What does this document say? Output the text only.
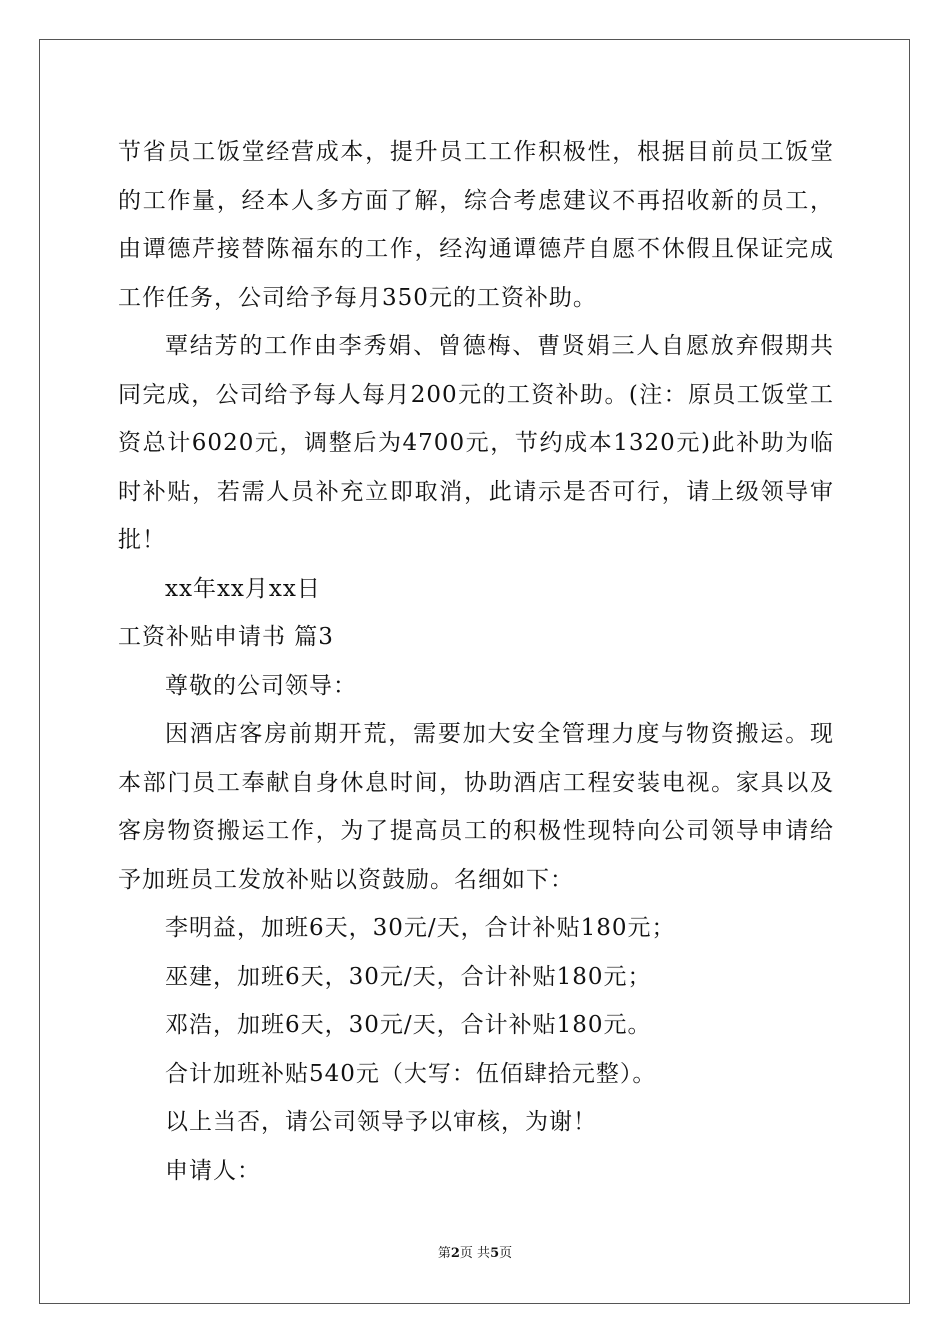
节省员工饭堂经营成本，提升员工工作积极性，根据目前员工饭堂的工作量，经本人多方面了解，综合考虑建议不再招收新的员工，由谭德芹接替陈福东的工作，经沟通谭德芹自愿不休假且保证完成工作任务，公司给予每月350元的工资补助。

覃结芳的工作由李秀娟、曾德梅、曹贤娟三人自愿放弃假期共同完成，公司给予每人每月200元的工资补助。(注：原员工饭堂工资总计6020元，调整后为4700元，节约成本1320元)此补助为临时补贴，若需人员补充立即取消，此请示是否可行，请上级领导审批！

xx年xx月xx日

工资补贴申请书 篇3

尊敬的公司领导：

因酒店客房前期开荒，需要加大安全管理力度与物资搬运。现本部门员工奉献自身休息时间，协助酒店工程安装电视。家具以及客房物资搬运工作，为了提高员工的积极性现特向公司领导申请给予加班员工发放补贴以资鼓励。名细如下：

李明益，加班6天，30元/天，合计补贴180元；

巫建，加班6天，30元/天，合计补贴180元；

邓浩，加班6天，30元/天，合计补贴180元。

合计加班补贴540元（大写：伍佰肆拾元整）。

以上当否，请公司领导予以审核，为谢！

申请人：

第2页 共5页
